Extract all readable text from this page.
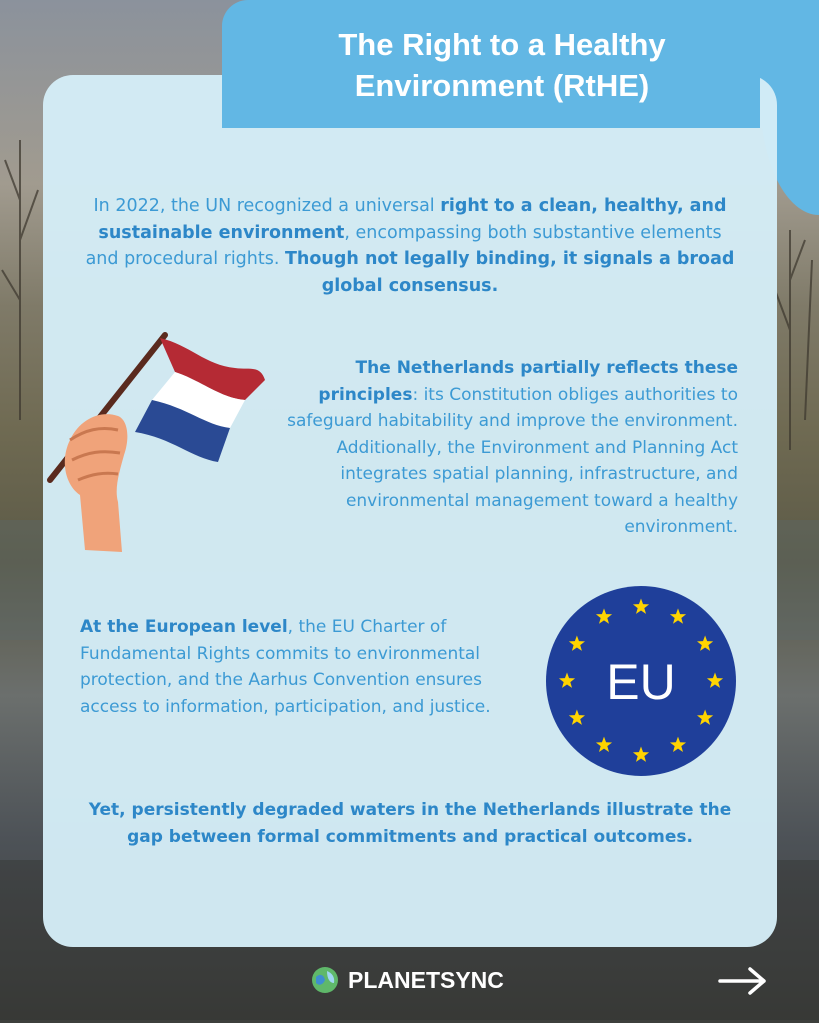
The Right to a Healthy
Environment (RtHE)

In 2022, the UN recognized a universal right to a clean, healthy, and sustainable environment, encompassing both substantive elements and procedural rights. Though not legally binding, it signals a broad global consensus.

The Netherlands partially reflects these principles: its Constitution obliges authorities to safeguard habitability and improve the environment. Additionally, the Environment and Planning Act integrates spatial planning, infrastructure, and environmental management toward a healthy environment.

At the European level, the EU Charter of Fundamental Rights commits to environmental protection, and the Aarhus Convention ensures access to information, participation, and justice.	EU

Yet, persistently degraded waters in the Netherlands illustrate the gap between formal commitments and practical outcomes.

PLANETSYNC
